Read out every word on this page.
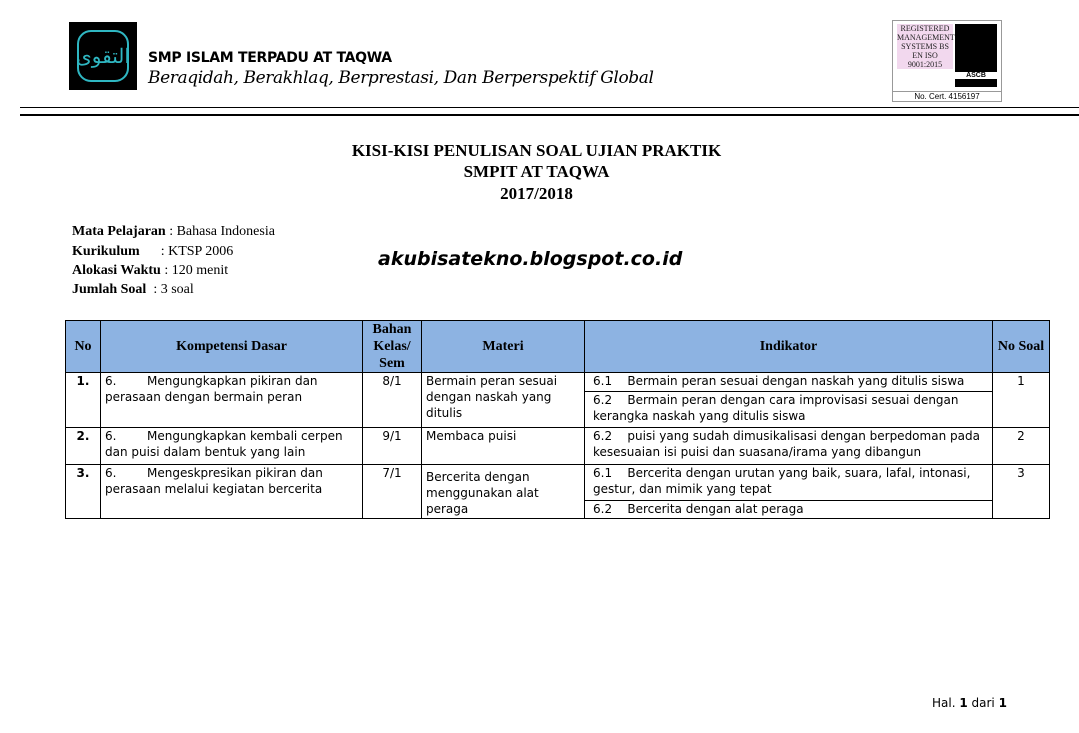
التقوى	SMP ISLAM TERPADU AT TAQWA
Beraqidah, Berakhlaq, Berprestasi, Dan Berperspektif Global
REGISTERED MANAGEMENT SYSTEMS BS EN ISO 9001:2015
ASCB
No. Cert. 4156197
KISI-KISI PENULISAN SOAL UJIAN PRAKTIK
SMPIT AT TAQWA
2017/2018
Mata Pelajaran : Bahasa Indonesia
Kurikulum      : KTSP 2006
Alokasi Waktu : 120 menit
Jumlah Soal  : 3 soal
akubisatekno.blogspot.co.id
No	Kompetensi Dasar	Bahan Kelas/ Sem	Materi	Indikator	No Soal
1.	6. Mengungkapkan pikiran dan perasaan dengan bermain peran	8/1	Bermain peran sesuai dengan naskah yang ditulis	6.1    Bermain peran sesuai dengan naskah yang ditulis siswa	1
				6.2    Bermain peran dengan cara improvisasi sesuai dengan kerangka naskah yang ditulis siswa	
2.	6. Mengungkapkan kembali cerpen dan puisi dalam bentuk yang lain	9/1	Membaca puisi	6.2    puisi yang sudah dimusikalisasi dengan berpedoman pada kesesuaian isi puisi dan suasana/irama yang dibangun	2
3.	6. Mengeskpresikan pikiran dan perasaan melalui kegiatan bercerita	7/1	Bercerita dengan menggunakan alat peraga	6.1    Bercerita dengan urutan yang baik, suara, lafal, intonasi, gestur, dan mimik yang tepat	3
				6.2    Bercerita dengan alat peraga	
Hal. 1 dari 1
